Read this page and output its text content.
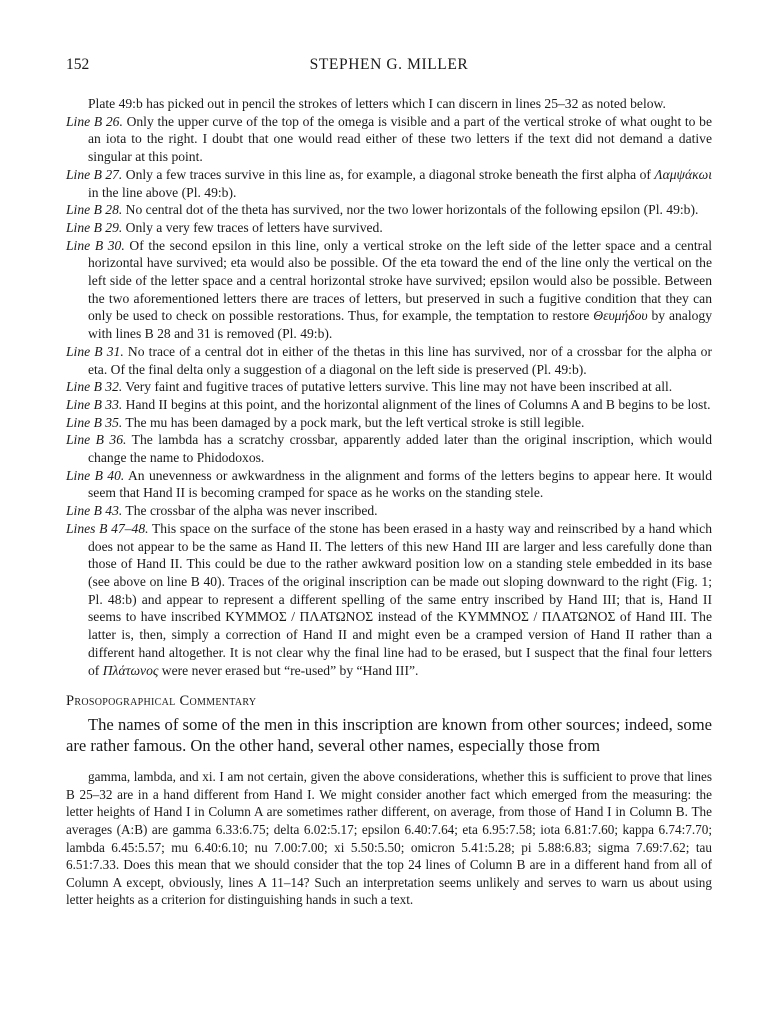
152	STEPHEN G. MILLER

Plate 49:b has picked out in pencil the strokes of letters which I can discern in lines 25–32 as noted below.

Line B 26. Only the upper curve of the top of the omega is visible and a part of the vertical stroke of what ought to be an iota to the right. I doubt that one would read either of these two letters if the text did not demand a dative singular at this point.

Line B 27. Only a few traces survive in this line as, for example, a diagonal stroke beneath the first alpha of Λαμψάκωι in the line above (Pl. 49:b).

Line B 28. No central dot of the theta has survived, nor the two lower horizontals of the following epsilon (Pl. 49:b).

Line B 29. Only a very few traces of letters have survived.

Line B 30. Of the second epsilon in this line, only a vertical stroke on the left side of the letter space and a central horizontal have survived; eta would also be possible. Of the eta toward the end of the line only the vertical on the left side of the letter space and a central horizontal stroke have survived; epsilon would also be possible. Between the two aforementioned letters there are traces of letters, but preserved in such a fugitive condition that they can only be used to check on possible restorations. Thus, for example, the temptation to restore Θευμήδου by analogy with lines B 28 and 31 is removed (Pl. 49:b).

Line B 31. No trace of a central dot in either of the thetas in this line has survived, nor of a crossbar for the alpha or eta. Of the final delta only a suggestion of a diagonal on the left side is preserved (Pl. 49:b).

Line B 32. Very faint and fugitive traces of putative letters survive. This line may not have been inscribed at all.

Line B 33. Hand II begins at this point, and the horizontal alignment of the lines of Columns A and B begins to be lost.

Line B 35. The mu has been damaged by a pock mark, but the left vertical stroke is still legible.

Line B 36. The lambda has a scratchy crossbar, apparently added later than the original inscription, which would change the name to Phidodoxos.

Line B 40. An unevenness or awkwardness in the alignment and forms of the letters begins to appear here. It would seem that Hand II is becoming cramped for space as he works on the standing stele.

Line B 43. The crossbar of the alpha was never inscribed.

Lines B 47–48. This space on the surface of the stone has been erased in a hasty way and reinscribed by a hand which does not appear to be the same as Hand II. The letters of this new Hand III are larger and less carefully done than those of Hand II. This could be due to the rather awkward position low on a standing stele embedded in its base (see above on line B 40). Traces of the original inscription can be made out sloping downward to the right (Fig. 1; Pl. 48:b) and appear to represent a different spelling of the same entry inscribed by Hand III; that is, Hand II seems to have inscribed ΚΥΜΜΟΣ / ΠΛΑΤΩΝΟΣ instead of the ΚΥΜΜΝΟΣ / ΠΛΑΤΩΝΟΣ of Hand III. The latter is, then, simply a correction of Hand II and might even be a cramped version of Hand II rather than a different hand altogether. It is not clear why the final line had to be erased, but I suspect that the final four letters of Πλάτωνος were never erased but “re-used” by “Hand III”.

Prosopographical Commentary

The names of some of the men in this inscription are known from other sources; indeed, some are rather famous. On the other hand, several other names, especially those from

gamma, lambda, and xi. I am not certain, given the above considerations, whether this is sufficient to prove that lines B 25–32 are in a hand different from Hand I. We might consider another fact which emerged from the measuring: the letter heights of Hand I in Column A are sometimes rather different, on average, from those of Hand I in Column B. The averages (A:B) are gamma 6.33:6.75; delta 6.02:5.17; epsilon 6.40:7.64; eta 6.95:7.58; iota 6.81:7.60; kappa 6.74:7.70; lambda 6.45:5.57; mu 6.40:6.10; nu 7.00:7.00; xi 5.50:5.50; omicron 5.41:5.28; pi 5.88:6.83; sigma 7.69:7.62; tau 6.51:7.33. Does this mean that we should consider that the top 24 lines of Column B are in a different hand from all of Column A except, obviously, lines A 11–14? Such an interpretation seems unlikely and serves to warn us about using letter heights as a criterion for distinguishing hands in such a text.
